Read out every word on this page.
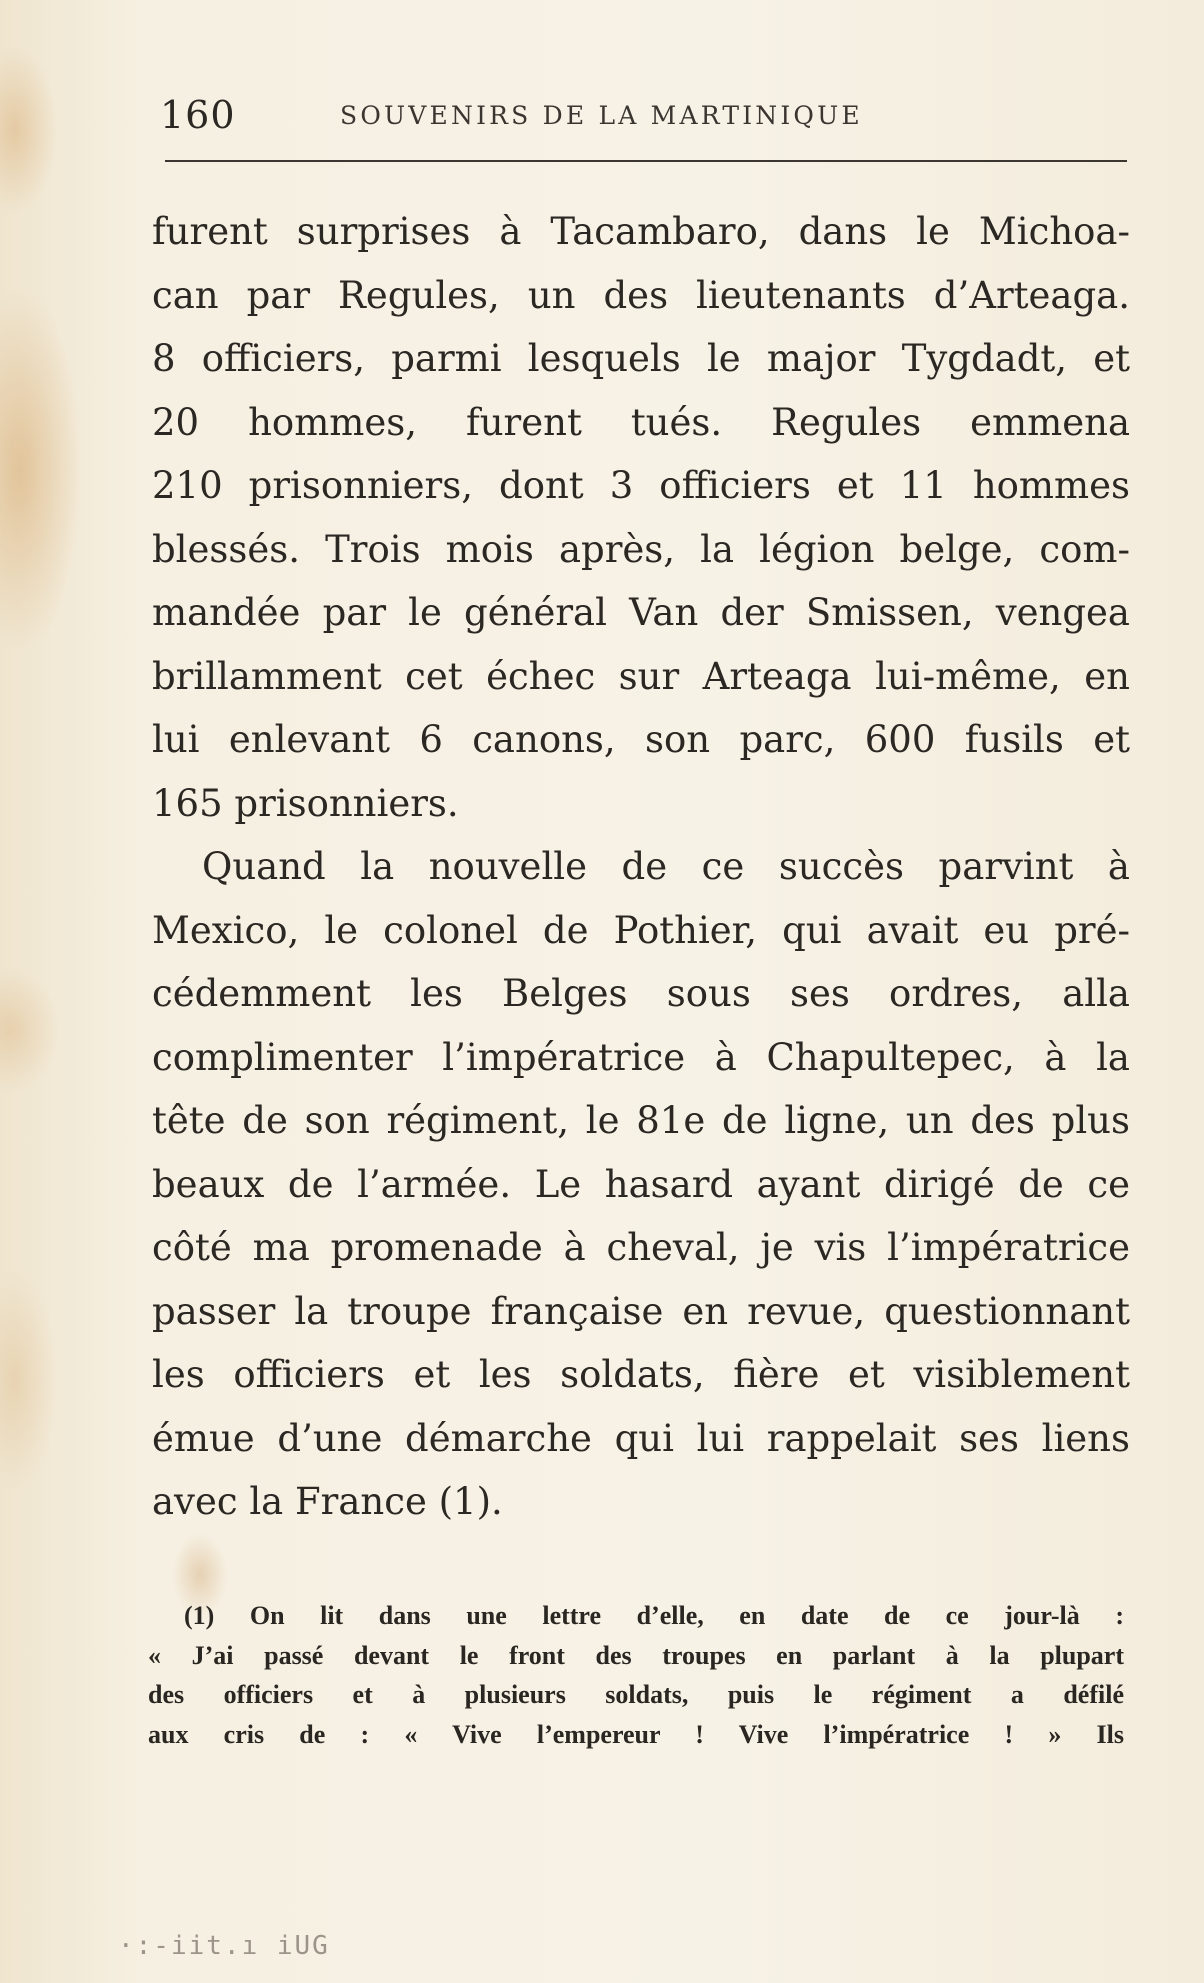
160	SOUVENIRS DE LA MARTINIQUE
furent surprises à Tacambaro, dans le Michoa-
can par Regules, un des lieutenants d’Arteaga.
8 officiers, parmi lesquels le major Tygdadt, et
20 hommes, furent tués. Regules emmena
210 prisonniers, dont 3 officiers et 11 hommes
blessés. Trois mois après, la légion belge, com-
mandée par le général Van der Smissen, vengea
brillamment cet échec sur Arteaga lui-même, en
lui enlevant 6 canons, son parc, 600 fusils et
165 prisonniers.
Quand la nouvelle de ce succès parvint à
Mexico, le colonel de Pothier, qui avait eu pré-
cédemment les Belges sous ses ordres, alla
complimenter l’impératrice à Chapultepec, à la
tête de son régiment, le 81e de ligne, un des plus
beaux de l’armée. Le hasard ayant dirigé de ce
côté ma promenade à cheval, je vis l’impératrice
passer la troupe française en revue, questionnant
les officiers et les soldats, fière et visiblement
émue d’une démarche qui lui rappelait ses liens
avec la France (1).
(1) On lit dans une lettre d’elle, en date de ce jour-là :
« J’ai passé devant le front des troupes en parlant à la plupart
des officiers et à plusieurs soldats, puis le régiment a défilé
aux cris de : « Vive l’empereur ! Vive l’impératrice ! » Ils
·:-iit.ı iUG
